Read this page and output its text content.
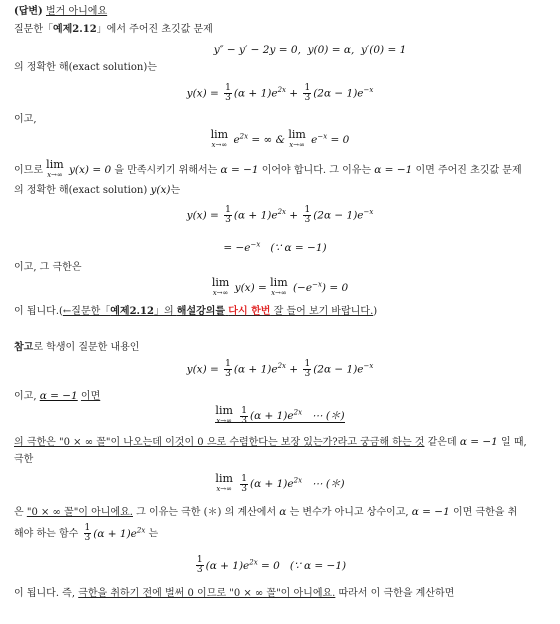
(답변) 벌거 아니에요
질문한「예제2.12」에서 주어진 초깃값 문제
y″ − y′ − 2y = 0,  y(0) = α,  y′(0) = 1
의 정확한 해(exact solution)는
$y(x) = \frac{1}{3} (\alpha + 1)e^{2x} + \frac{1}{3} (2\alpha - 1)e^{-x}$
이고,
lim
x→∞ $e^{2x}$ = ∞ & lim
x→∞ $e^{-x} = 0$
이므로 lim
x→∞ y(x) = 0 을 만족시키기 위해서는 α = −1 이어야 합니다. 그 이유는 α = −1 이면 주어진 초깃값 문제
의 정확한 해(exact solution) y(x)는
$y(x) = \frac{1}{3} (\alpha + 1)e^{2x} + \frac{1}{3} (2\alpha - 1)e^{-x}$
= $-e^{-x}$   (∵ α = −1)
이고, 그 극한은
lim
x→∞ y(x) = lim
x→∞ $(-e^{-x}) = 0$
이 됩니다.(←질문한「예제2.12」의 해설강의를 다시 한번 잘 들어 보기 바랍니다.)
참고로 학생이 질문한 내용인
$y(x) = \frac{1}{3} (\alpha + 1)e^{2x} + \frac{1}{3} (2\alpha - 1)e^{-x}$
이고, α = −1 이면
lim
x→∞
$\frac{1}{3} (\alpha + 1)e^{2x}$   ⋯ (＊)
의 극한은 "0 × ∞ 꼴"이 나오는데 이것이 0 으로 수렴한다는 보장 있는가?라고 궁금해 하는 것 같은데 α = −1 일 때,
극한
lim
x→∞
$\frac{1}{3} (\alpha + 1)e^{2x}$   ⋯ (＊)
은 "0 × ∞ 꼴"이 아니에요. 그 이유는 극한 (＊) 의 계산에서 α 는 변수가 아니고 상수이고, α = −1 이면 극한을 취
해야 하는 함수 $\frac{1}{3} (\alpha + 1)e^{2x}$ 는
$\frac{1}{3} (\alpha + 1)e^{2x} = 0$   (∵ α = −1)
이 됩니다. 즉, 극한을 취하기 전에 벌써 0 이므로 "0 × ∞ 꼴"이 아니에요. 따라서 이 극한을 계산하면
